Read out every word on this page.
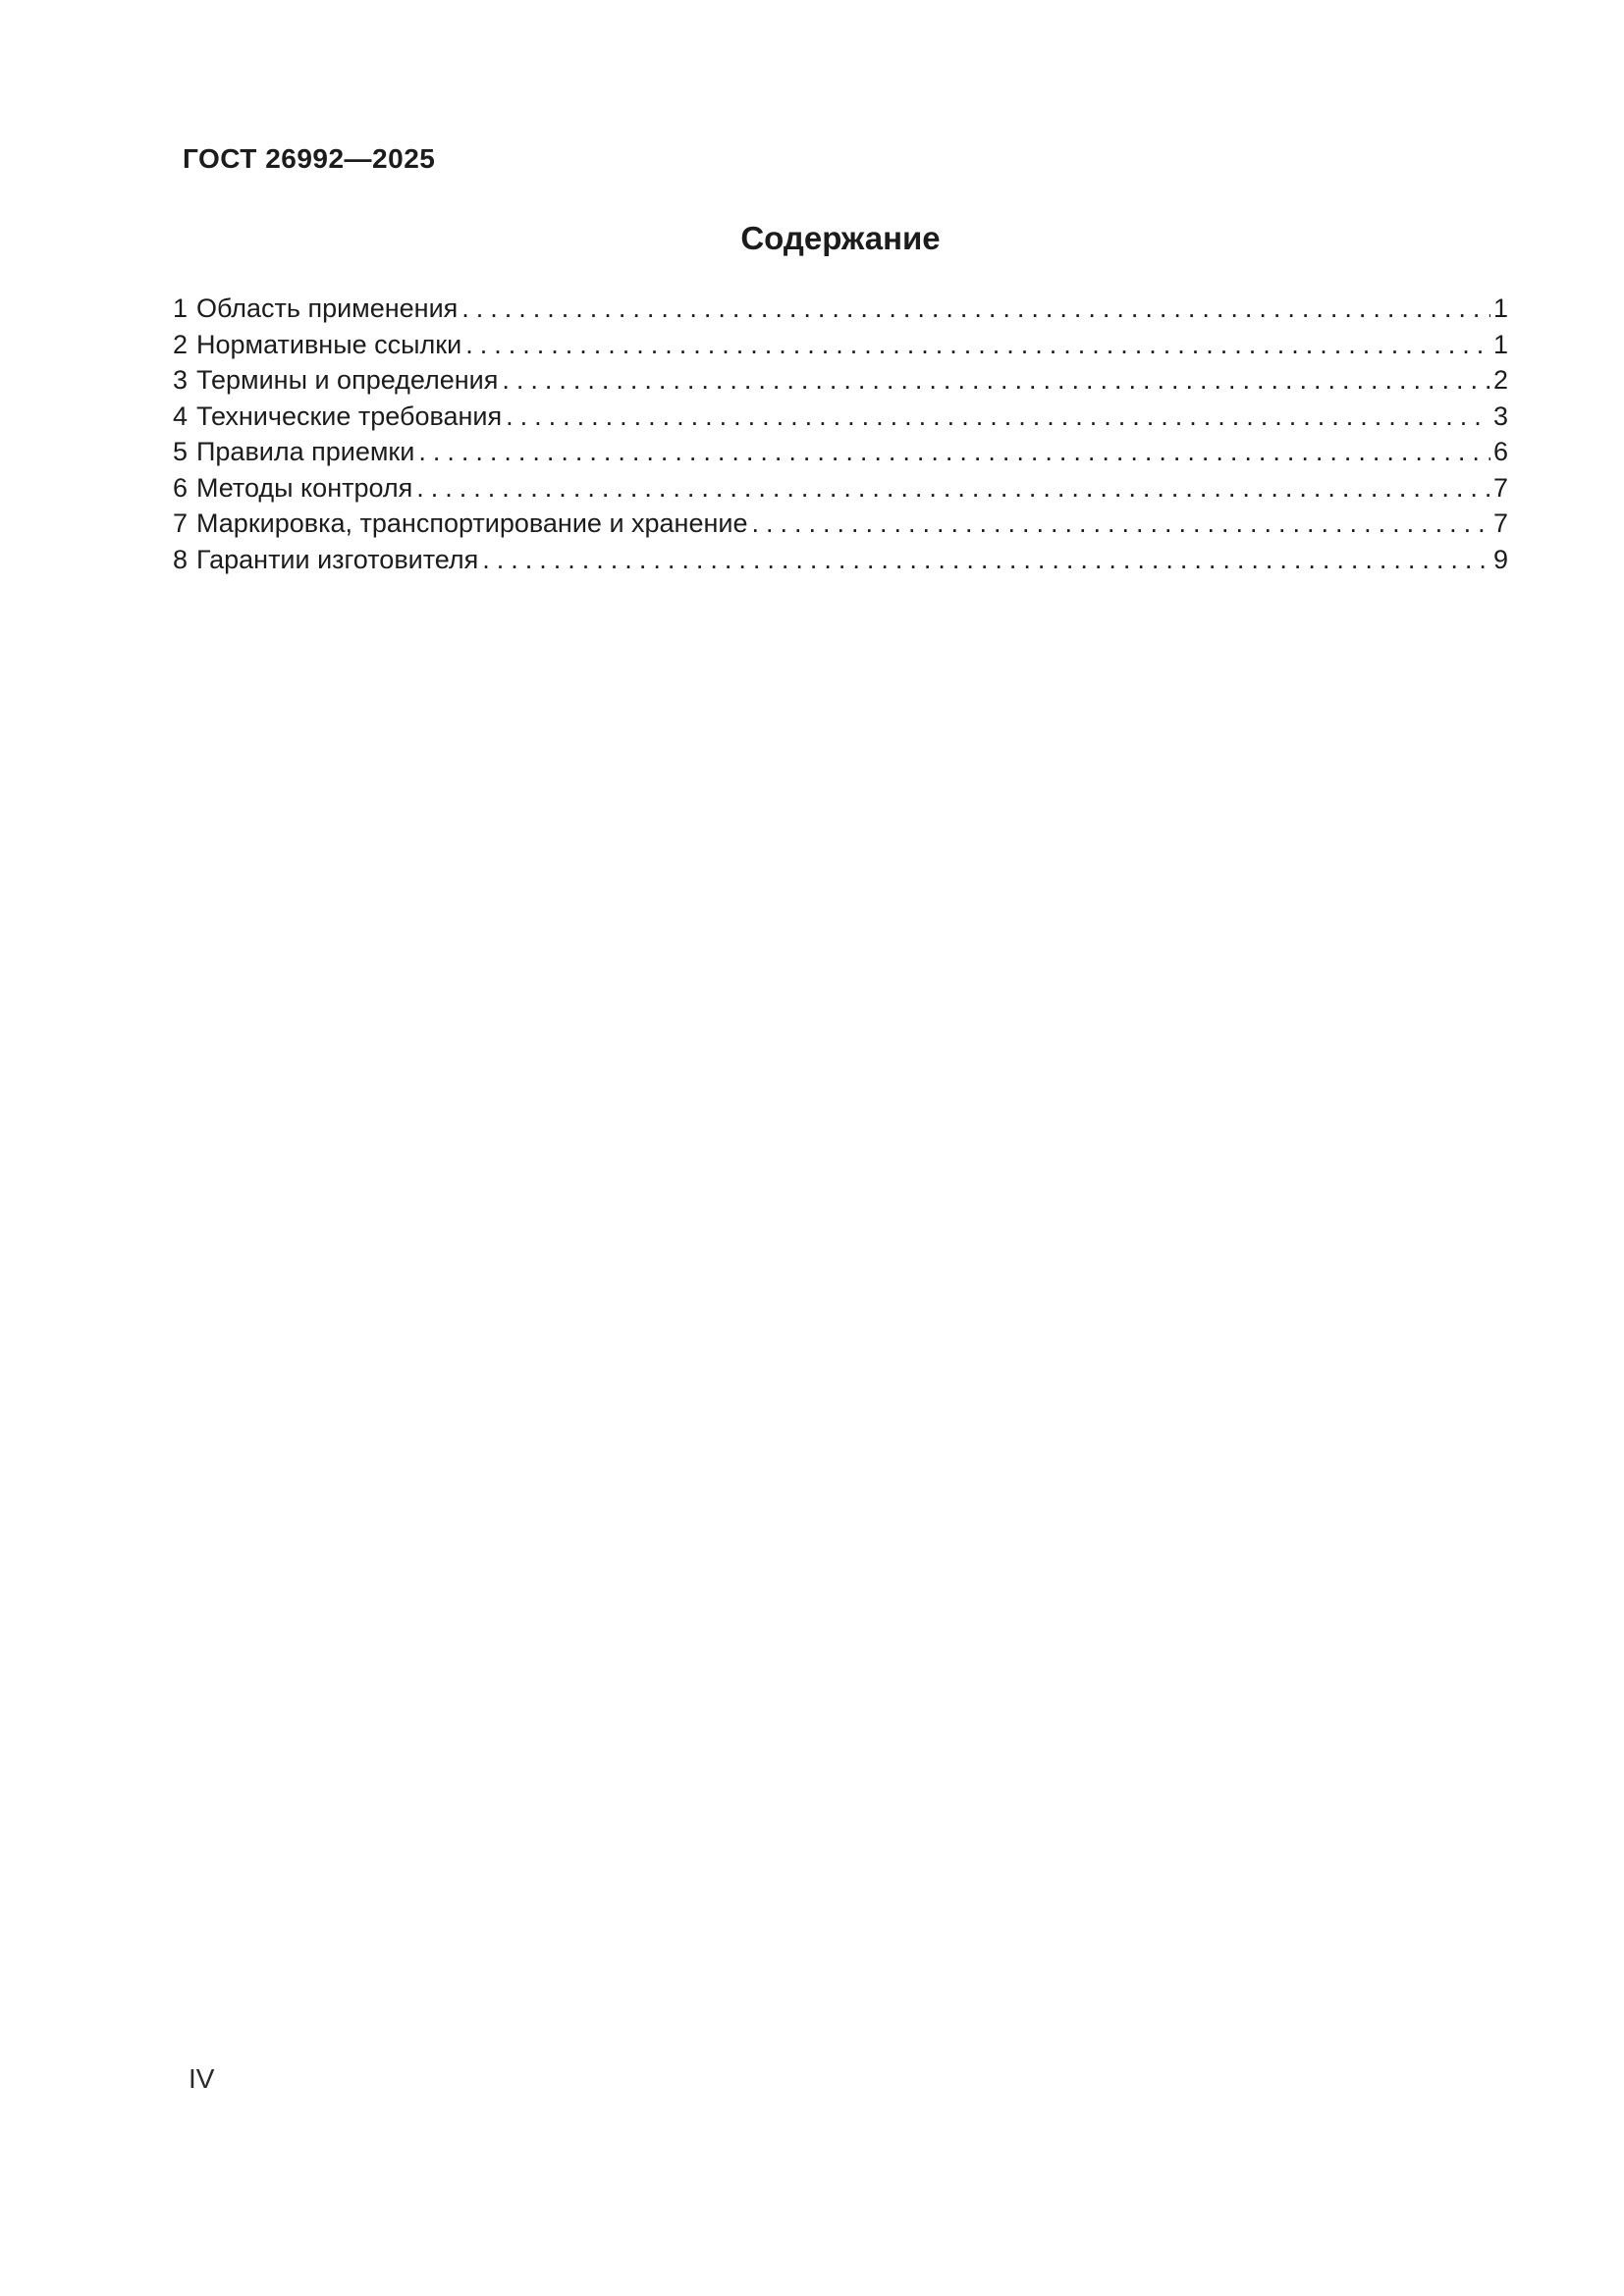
ГОСТ 26992—2025
Содержание
1 Область применения .....	1
2 Нормативные ссылки .....	1
3 Термины и определения .....	2
4 Технические требования .....	3
5 Правила приемки .....	6
6 Методы контроля .....	7
7 Маркировка, транспортирование и хранение .....	7
8 Гарантии изготовителя .....	9
IV
